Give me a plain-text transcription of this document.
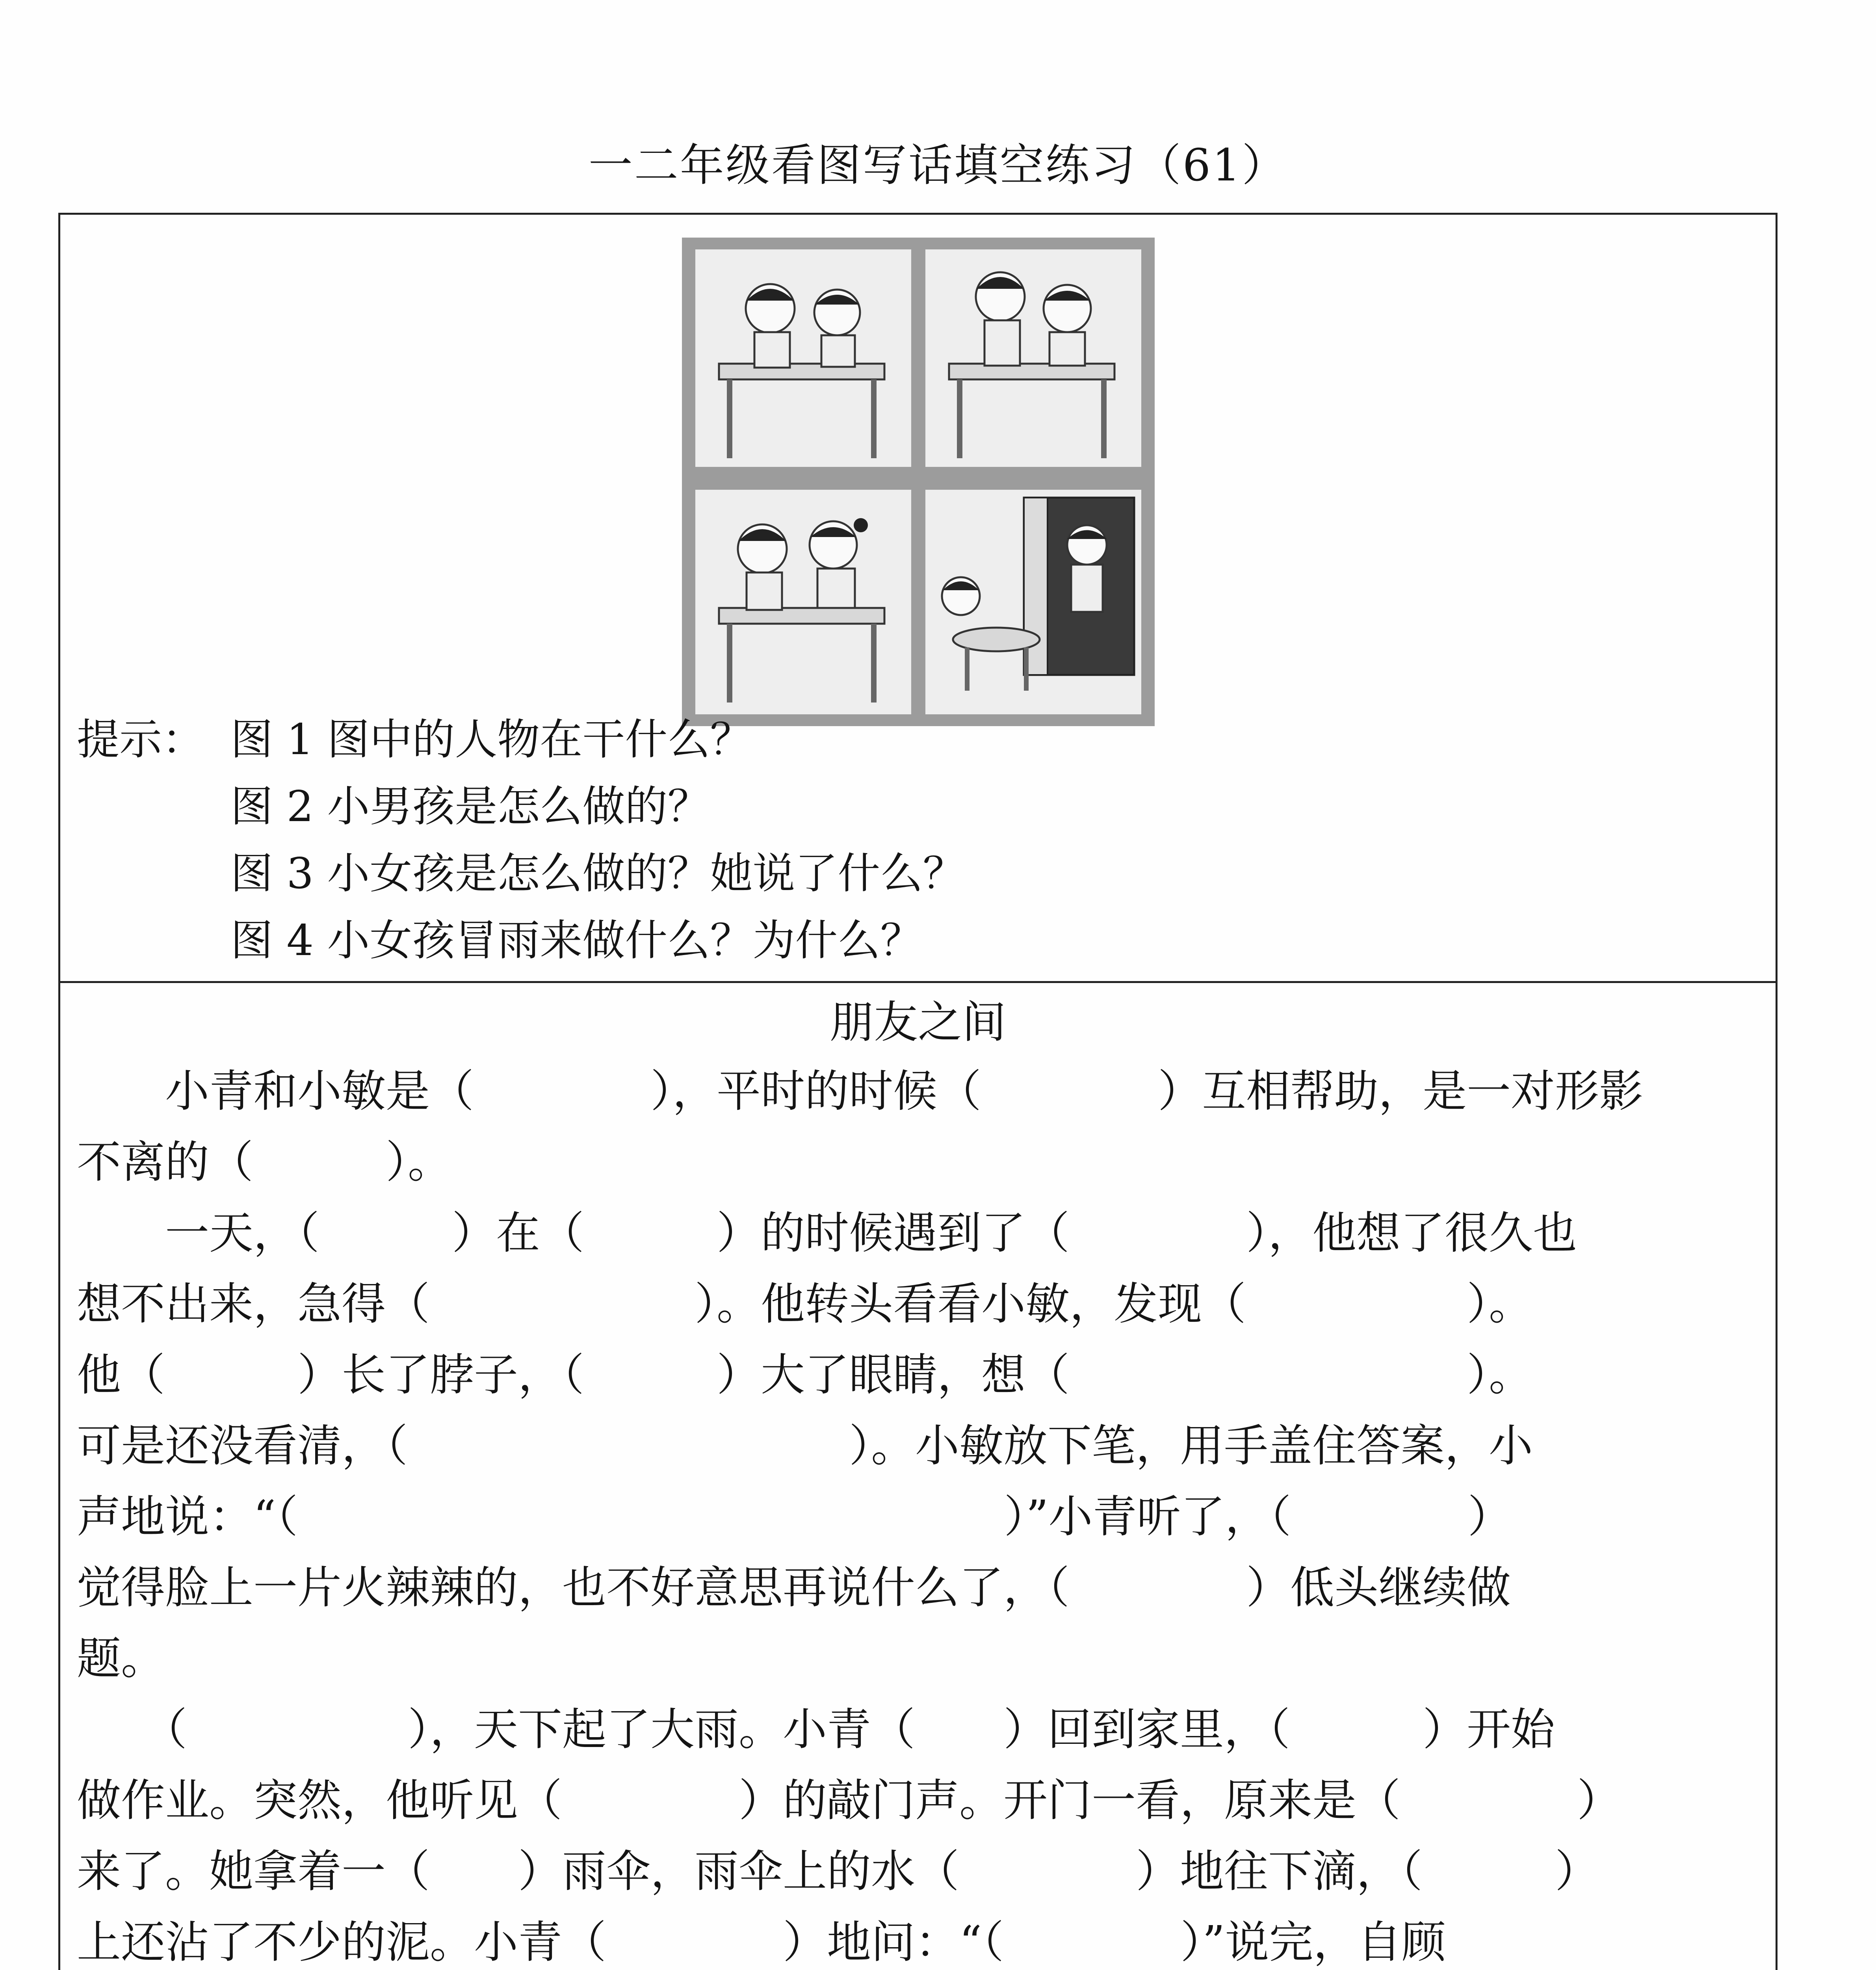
一二年级看图写话填空练习（61）
提示： 图 1 图中的人物在干什么？
图 2 小男孩是怎么做的？
图 3 小女孩是怎么做的？她说了什么？
图 4 小女孩冒雨来做什么？为什么？
朋友之间
　　小青和小敏是（　　　　），平时的时候（　　　　）互相帮助，是一对形影
不离的（　　　）。
　　一天，（　　　）在（　　　）的时候遇到了（　　　　），他想了很久也
想不出来，急得（　　　　　　）。他转头看看小敏，发现（　　　　　）。
他（　　　）长了脖子，（　　　）大了眼睛，想（　　　　　　　　　）。
可是还没看清，（　　　　　　　　　　）。小敏放下笔，用手盖住答案，小
声地说：“（　　　　　　　　　　　　　　　　）”小青听了，（　　　　）
觉得脸上一片火辣辣的，也不好意思再说什么了，（　　　　）低头继续做
题。
　　（　　　　　），天下起了大雨。小青（　　）回到家里，（　　　）开始
做作业。突然，他听见（　　　　）的敲门声。开门一看，原来是（　　　　）
来了。她拿着一（　　）雨伞，雨伞上的水（　　　　）地往下滴，（　　　）
上还沾了不少的泥。小青（　　　　）地问：“（　　　　）”说完，自顾
